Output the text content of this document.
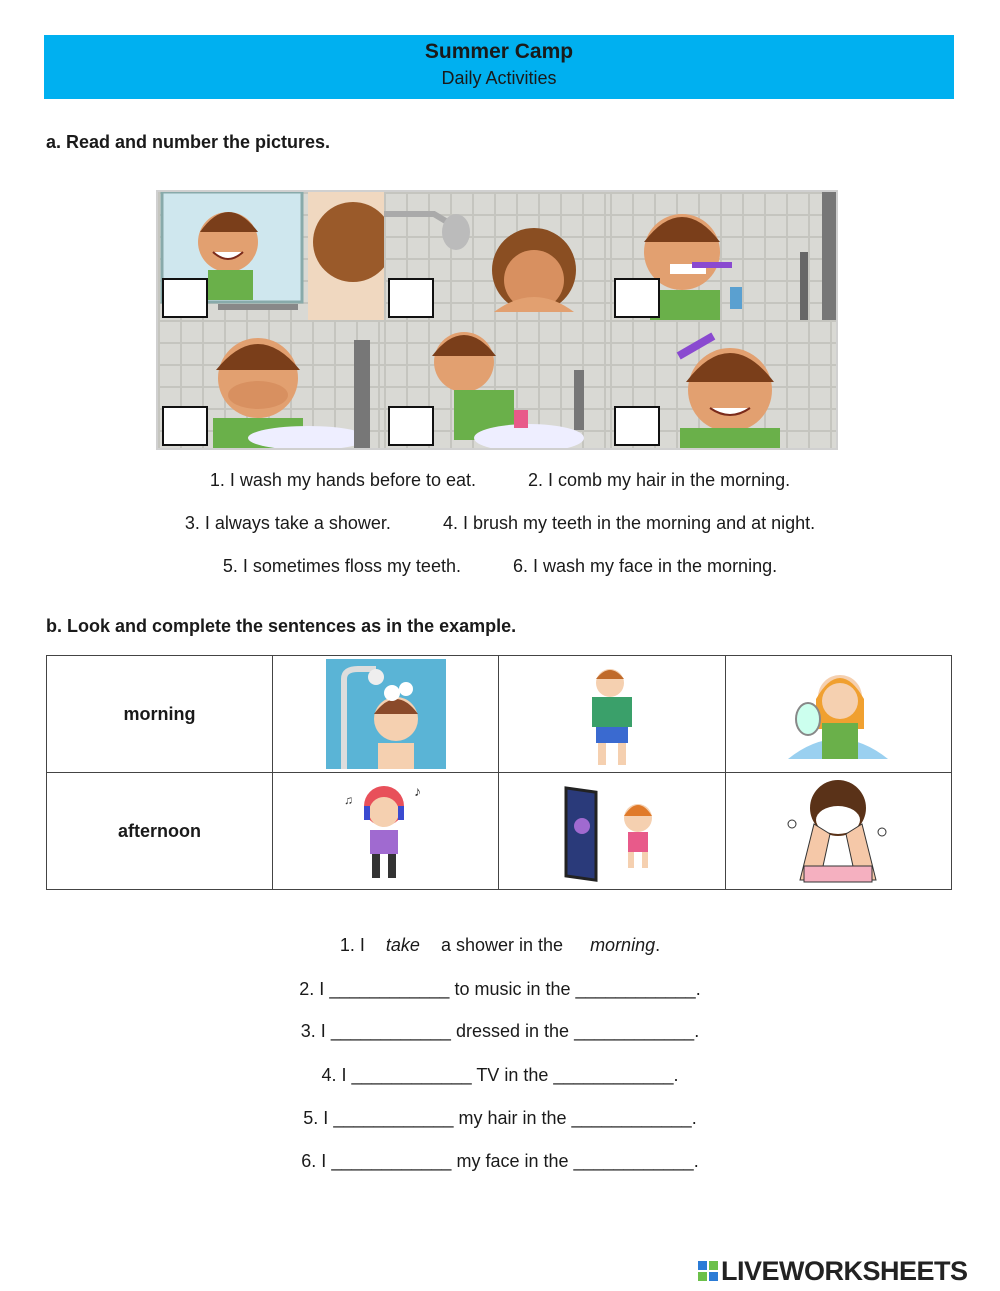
Summer Camp
Daily Activities
a. Read and number the pictures.
1. I wash my hands before to eat.	2. I comb my hair in the morning.
3. I always take a shower.	4. I brush my teeth in the morning and at night.
5. I sometimes floss my teeth.	6. I wash my face in the morning.
b. Look and complete the sentences as in the example.
morning	

afternoon	♪
♫

1. I take a shower in the morning.
2. I ____________ to music in the ____________.
3. I ____________ dressed in the ____________.
4. I ____________ TV in the ____________.
5. I ____________ my hair in the ____________.
6. I ____________ my face in the ____________.
LIVEWORKSHEETS
